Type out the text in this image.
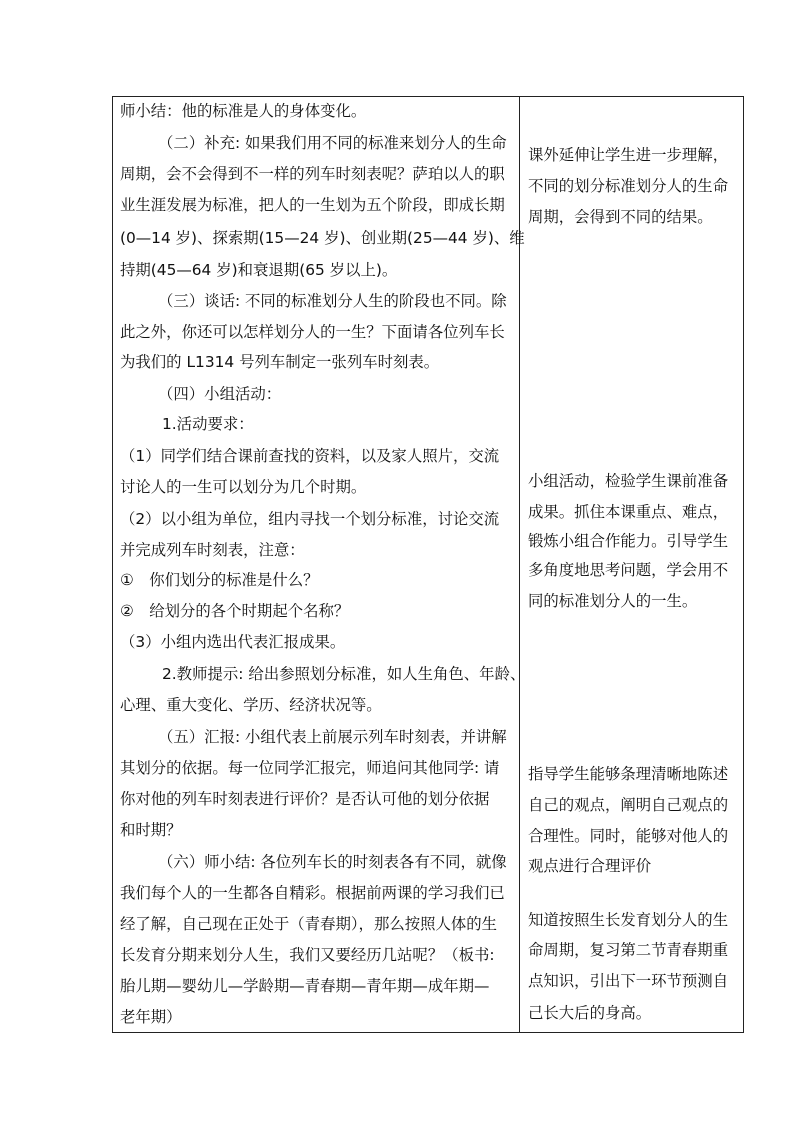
师小结：他的标准是人的身体变化。
（二）补充: 如果我们用不同的标准来划分人的生命
周期，会不会得到不一样的列车时刻表呢？萨珀以人的职
业生涯发展为标准，把人的一生划为五个阶段，即成长期
(0—14 岁)、探索期(15—24 岁)、创业期(25—44 岁)、维
持期(45—64 岁)和衰退期(65 岁以上)。
（三）谈话: 不同的标准划分人生的阶段也不同。除
此之外，你还可以怎样划分人的一生？下面请各位列车长
为我们的 L1314 号列车制定一张列车时刻表。
（四）小组活动：
1.活动要求：
（1）同学们结合课前查找的资料，以及家人照片，交流
讨论人的一生可以划分为几个时期。
（2）以小组为单位，组内寻找一个划分标准，讨论交流
并完成列车时刻表，注意：
①　你们划分的标准是什么？
②　给划分的各个时期起个名称？
（3）小组内选出代表汇报成果。
2.教师提示: 给出参照划分标准，如人生角色、年龄、
心理、重大变化、学历、经济状况等。
（五）汇报: 小组代表上前展示列车时刻表，并讲解
其划分的依据。每一位同学汇报完，师追问其他同学: 请
你对他的列车时刻表进行评价？是否认可他的划分依据
和时期？
（六）师小结: 各位列车长的时刻表各有不同，就像
我们每个人的一生都各自精彩。根据前两课的学习我们已
经了解，自己现在正处于（青春期），那么按照人体的生
长发育分期来划分人生，我们又要经历几站呢？（板书:
胎儿期—婴幼儿—学龄期—青春期—青年期—成年期—
老年期）
课外延伸让学生进一步理解，
不同的划分标准划分人的生命
周期，会得到不同的结果。
小组活动，检验学生课前准备
成果。抓住本课重点、难点，
锻炼小组合作能力。引导学生
多角度地思考问题，学会用不
同的标准划分人的一生。
指导学生能够条理清晰地陈述
自己的观点，阐明自己观点的
合理性。同时，能够对他人的
观点进行合理评价
知道按照生长发育划分人的生
命周期，复习第二节青春期重
点知识，引出下一环节预测自
己长大后的身高。
